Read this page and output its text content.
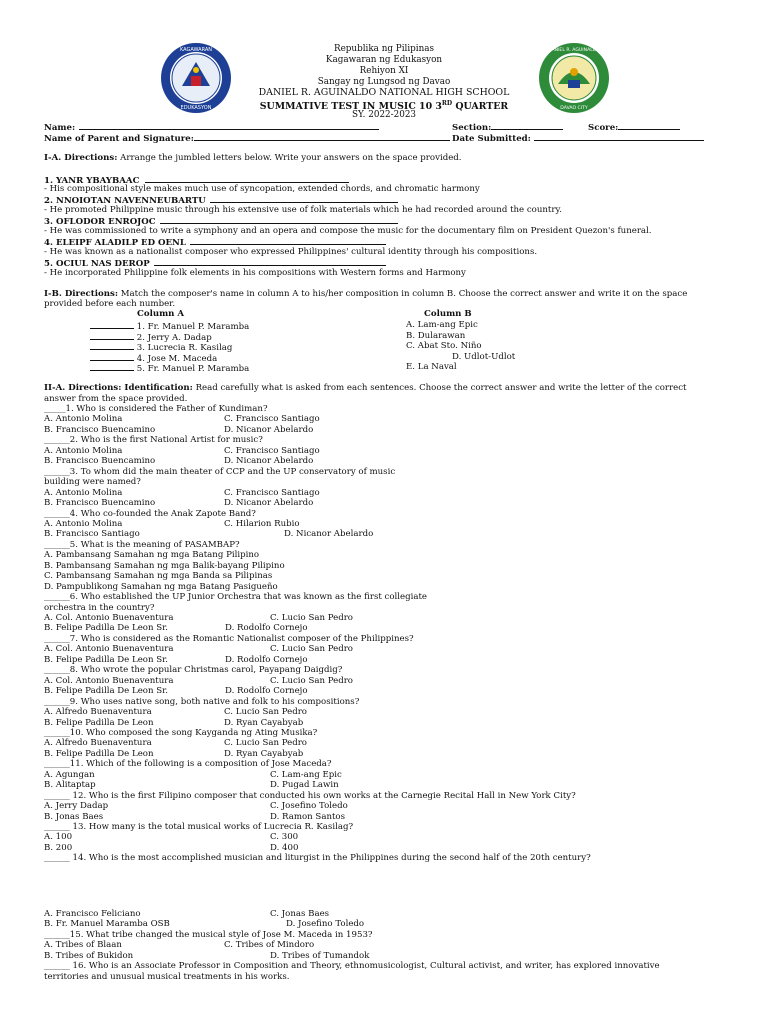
KAGAWARAN
EDUKASYON
DANIEL R. AGUINALDO
DAVAO CITY
Republika ng Pilipinas
Kagawaran ng Edukasyon
Rehiyon XI
Sangay ng Lungsod ng Davao
DANIEL R. AGUINALDO NATIONAL HIGH SCHOOL
SUMMATIVE TEST IN MUSIC 10 3RD QUARTER
SY. 2022-2023
Name:	Section:	Score:
Name of Parent and Signature:	Date Submitted:
I-A. Directions: Arrange the jumbled letters below. Write your answers on the space provided.
1. YANR YBAYBAAC
- His compositional style makes much use of syncopation, extended chords, and chromatic harmony
2. NNOIOTAN NAVENNEUBARTU
- He promoted Philippine music through his extensive use of folk materials which he had recorded around the country.
3. OFLODOR ENROJOC
- He was commissioned to write a symphony and an opera and compose the music for the documentary film on President Quezon's funeral.
4. ELEIPF ALADILP ED OENL
- He was known as a nationalist composer who expressed Philippines' cultural identity through his compositions.
5. OCIUL NAS DEROP
- He incorporated Philippine folk elements in his compositions with Western forms and Harmony
I-B. Directions: Match the composer's name in column A to his/her composition in column B. Choose the correct answer and write it on the space
provided before each number.
Column A	Column B
1. Fr. Manuel P. Maramba
2. Jerry A. Dadap
3. Lucrecia R. Kasilag
4. Jose M. Maceda
5. Fr. Manuel P. Maramba
A. Lam-ang Epic
B. Dularawan
C. Abat Sto. Niño
D. Udlot-Udlot
E. La Naval
II-A. Directions: Identification: Read carefully what is asked from each sentences. Choose the correct answer and write the letter of the correct
answer from the space provided.
_____1. Who is considered the Father of Kundiman?
A. Antonio Molina	C. Francisco Santiago
B. Francisco Buencamino	D. Nicanor Abelardo
______2. Who is the first National Artist for music?
A. Antonio Molina	C. Francisco Santiago
B. Francisco Buencamino	D. Nicanor Abelardo
______3. To whom did the main theater of CCP and the UP conservatory of music
building were named?
A. Antonio Molina	C. Francisco Santiago
B. Francisco Buencamino	D. Nicanor Abelardo
______4. Who co-founded the Anak Zapote Band?
A. Antonio Molina	C. Hilarion Rubio
B. Francisco Santiago	D. Nicanor Abelardo
______5. What is the meaning of PASAMBAP?
A. Pambansang Samahan ng mga Batang Pilipino
B. Pambansang Samahan ng mga Balik-bayang Pilipino
C. Pambansang Samahan ng mga Banda sa Pilipinas
D. Pampublikong Samahan ng mga Batang Pasigueño
______6. Who established the UP Junior Orchestra that was known as the first collegiate
orchestra in the country?
A. Col. Antonio Buenaventura	C. Lucio San Pedro
B. Felipe Padilla De Leon Sr.	D. Rodolfo Cornejo
______7. Who is considered as the Romantic Nationalist composer of the Philippines?
A. Col. Antonio Buenaventura	C. Lucio San Pedro
B. Felipe Padilla De Leon Sr.	D. Rodolfo Cornejo
______8. Who wrote the popular Christmas carol, Payapang Daigdig?
A. Col. Antonio Buenaventura	C. Lucio San Pedro
B. Felipe Padilla De Leon Sr.	D. Rodolfo Cornejo
______9. Who uses native song, both native and folk to his compositions?
A. Alfredo Buenaventura	C. Lucio San Pedro
B. Felipe Padilla De Leon	D. Ryan Cayabyab
______10. Who composed the song Kayganda ng Ating Musika?
A. Alfredo Buenaventura	C. Lucio San Pedro
B. Felipe Padilla De Leon	D. Ryan Cayabyab
______11. Which of the following is a composition of Jose Maceda?
A. Agungan	C. Lam-ang Epic
B. Alitaptap	D. Pugad Lawin
______ 12. Who is the first Filipino composer that conducted his own works at the Carnegie Recital Hall in New York City?
A. Jerry Dadap	C. Josefino Toledo
B. Jonas Baes	D. Ramon Santos
______ 13. How many is the total musical works of Lucrecia R. Kasilag?
A. 100	C. 300
B. 200	D. 400
______ 14. Who is the most accomplished musician and liturgist in the Philippines during the second half of the 20th century?
A. Francisco Feliciano	C. Jonas Baes
B. Fr. Manuel Maramba OSB	D. Josefino Toledo
______15. What tribe changed the musical style of Jose M. Maceda in 1953?
A. Tribes of Blaan	C. Tribes of Mindoro
B. Tribes of Bukidon	D. Tribes of Tumandok
______ 16. Who is an Associate Professor in Composition and Theory, ethnomusicologist, Cultural activist, and writer, has explored innovative
territories and unusual musical treatments in his works.
